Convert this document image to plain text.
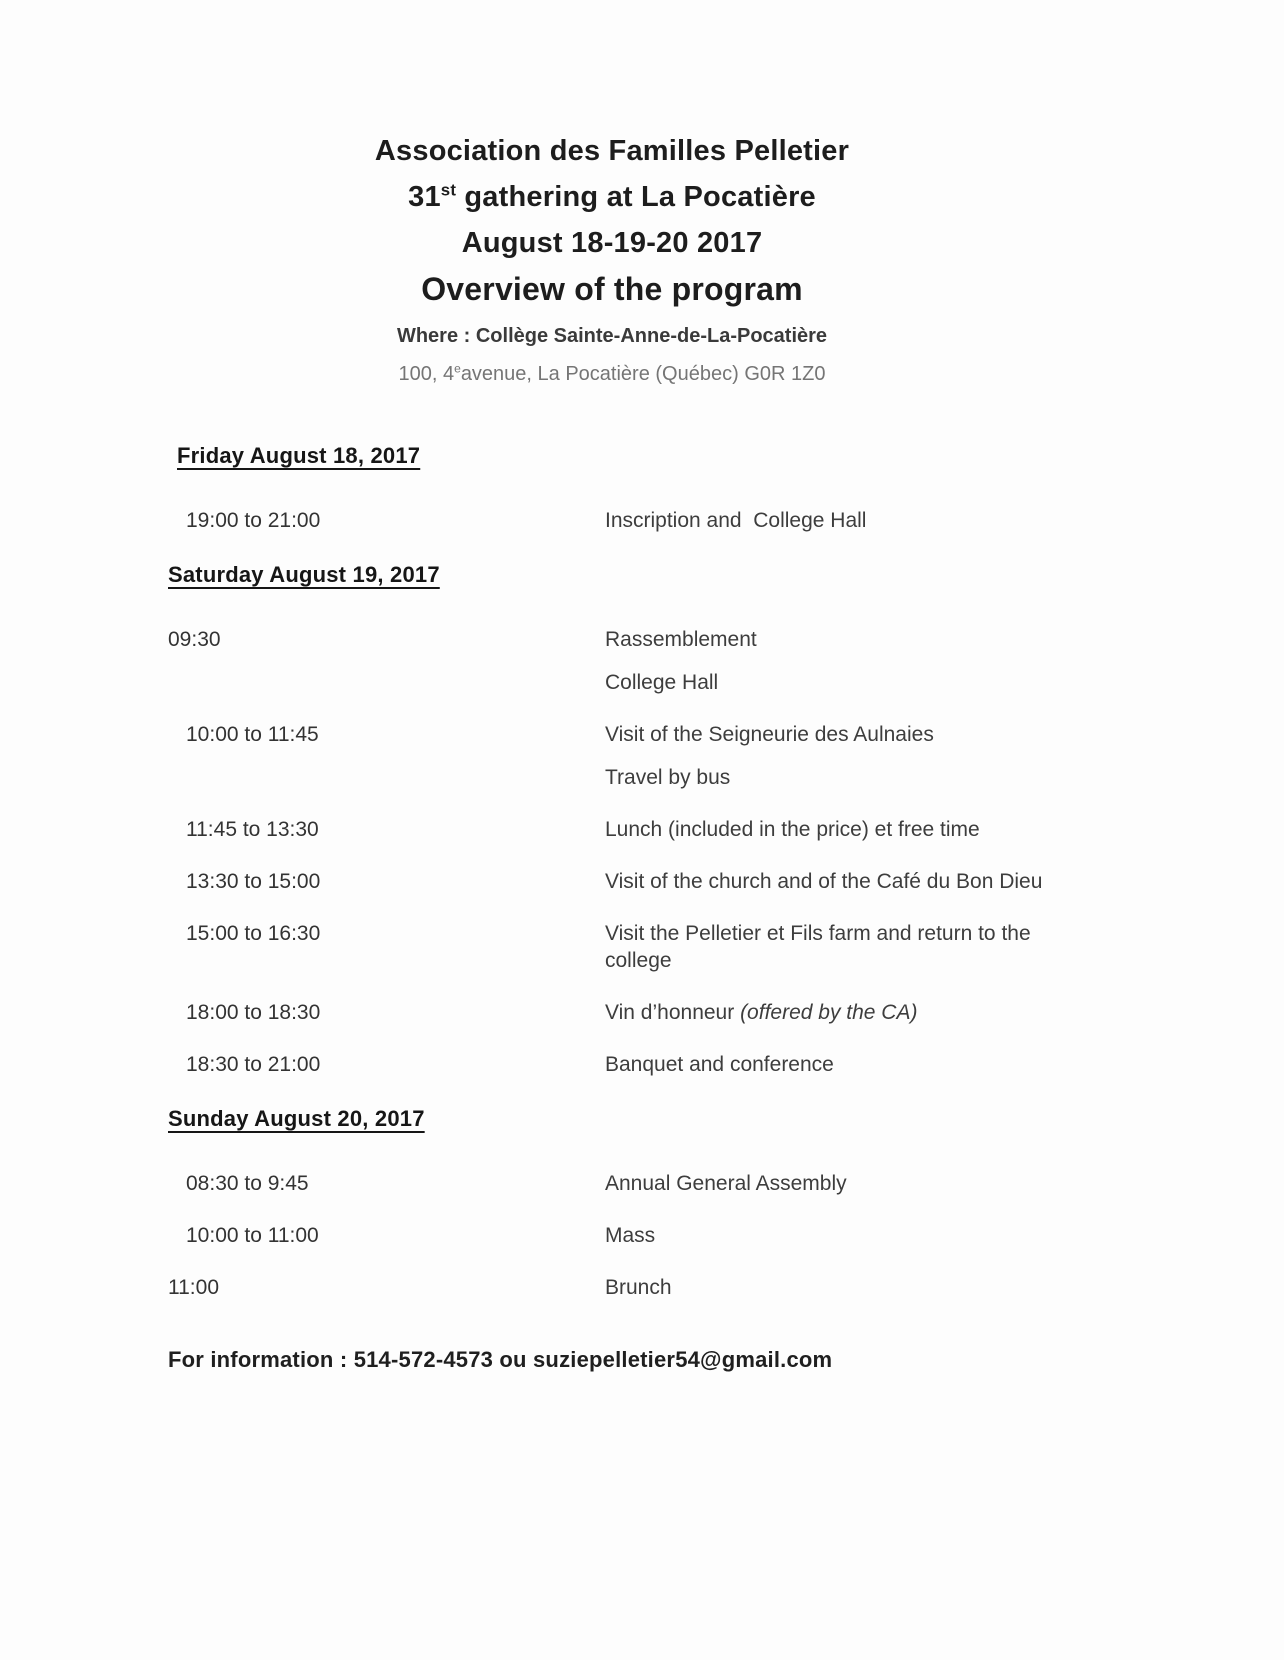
Association des Familles Pelletier
31st gathering at La Pocatière
August 18-19-20 2017
Overview of the program
Where : Collège Sainte-Anne-de-La-Pocatière
100, 4eavenue, La Pocatière (Québec) G0R 1Z0
Friday August 18, 2017
19:00 to 21:00	Inscription and  College Hall

Saturday August 19, 2017
09:30	Rassemblement

College Hall

10:00 to 11:45	Visit of the Seigneurie des Aulnaies

Travel by bus

11:45 to 13:30	Lunch (included in the price) et free time

13:30 to 15:00	Visit of the church and of the Café du Bon Dieu

15:00 to 16:30	Visit the Pelletier et Fils farm and return to the college

18:00 to 18:30	Vin d’honneur (offered by the CA)

18:30 to 21:00	Banquet and conference

Sunday August 20, 2017
08:30 to 9:45	Annual General Assembly

10:00 to 11:00	Mass

11:00	Brunch

For information : 514-572-4573 ou suziepelletier54@gmail.com
